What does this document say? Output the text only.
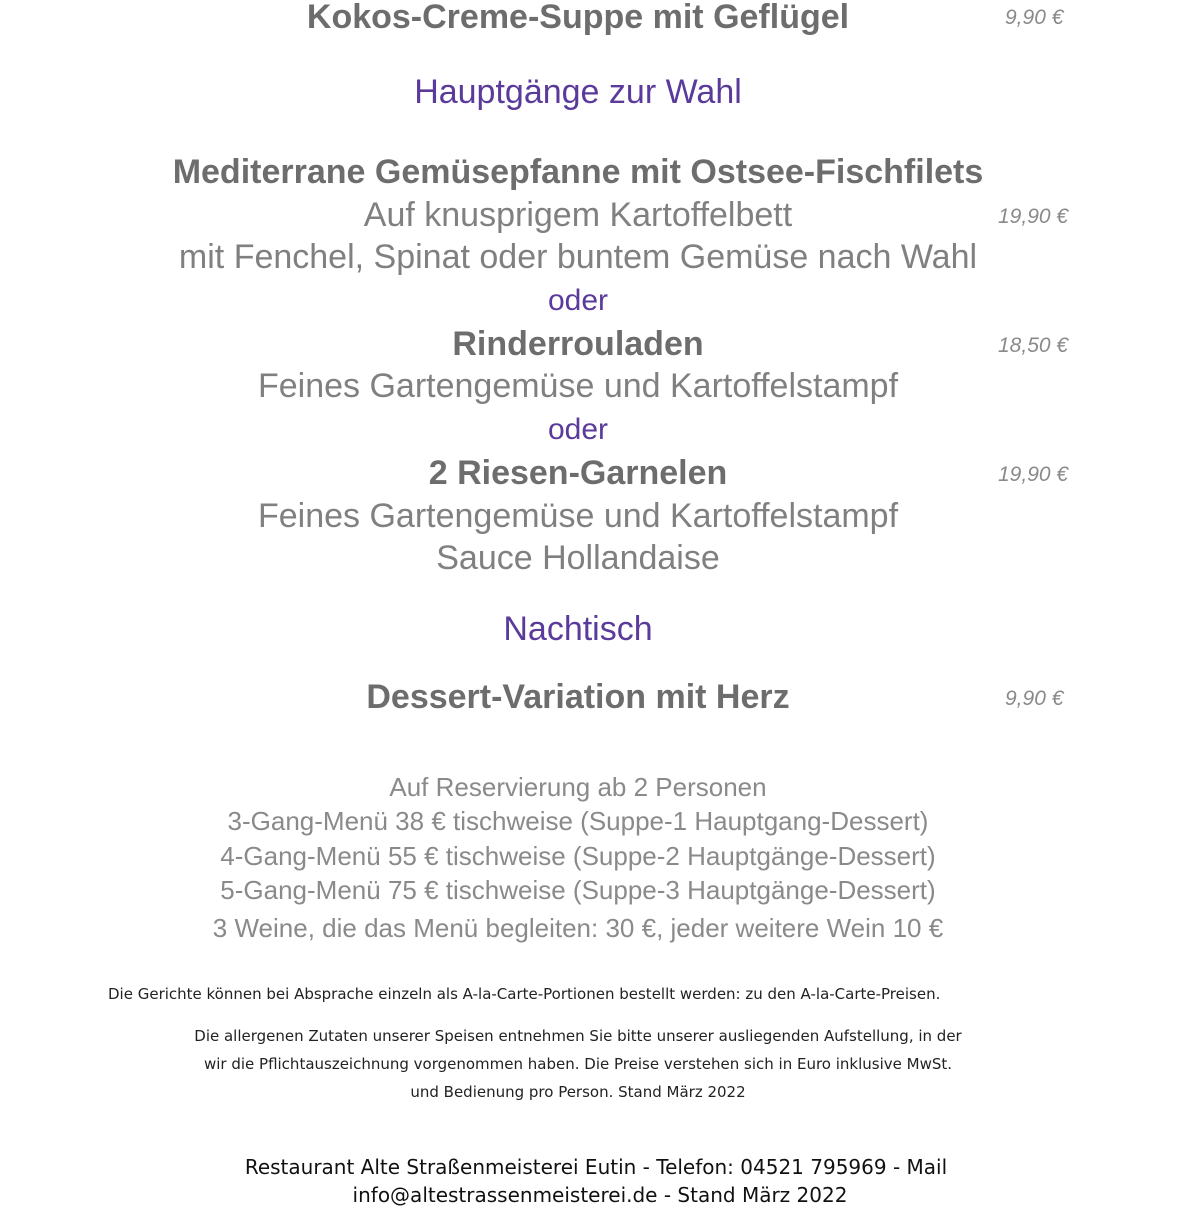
Kokos-Creme-Suppe mit Geflügel	9,90 €
Hauptgänge zur Wahl
Mediterrane Gemüsepfanne mit Ostsee-Fischfilets
Auf knusprigem Kartoffelbett	19,90 €
mit Fenchel, Spinat oder buntem Gemüse nach Wahl
oder
Rinderrouladen	18,50 €
Feines Gartengemüse und Kartoffelstampf
oder
2 Riesen-Garnelen	19,90 €
Feines Gartengemüse und Kartoffelstampf
Sauce Hollandaise
Nachtisch
Dessert-Variation mit Herz	9,90 €
Auf Reservierung ab 2 Personen
3-Gang-Menü 38 € tischweise (Suppe-1 Hauptgang-Dessert)
4-Gang-Menü 55 € tischweise (Suppe-2 Hauptgänge-Dessert)
5-Gang-Menü 75 € tischweise (Suppe-3 Hauptgänge-Dessert)
3 Weine, die das Menü begleiten: 30 €, jeder weitere Wein 10 €
Die Gerichte können bei Absprache einzeln als A-la-Carte-Portionen bestellt werden: zu den A-la-Carte-Preisen.
Die allergenen Zutaten unserer Speisen entnehmen Sie bitte unserer ausliegenden Aufstellung, in der
wir die Pflichtauszeichnung vorgenommen haben. Die Preise verstehen sich in Euro inklusive MwSt.
und Bedienung pro Person. Stand März 2022
Restaurant Alte Straßenmeisterei Eutin - Telefon: 04521 795969 - Mail
info@altestrassenmeisterei.de - Stand März 2022
